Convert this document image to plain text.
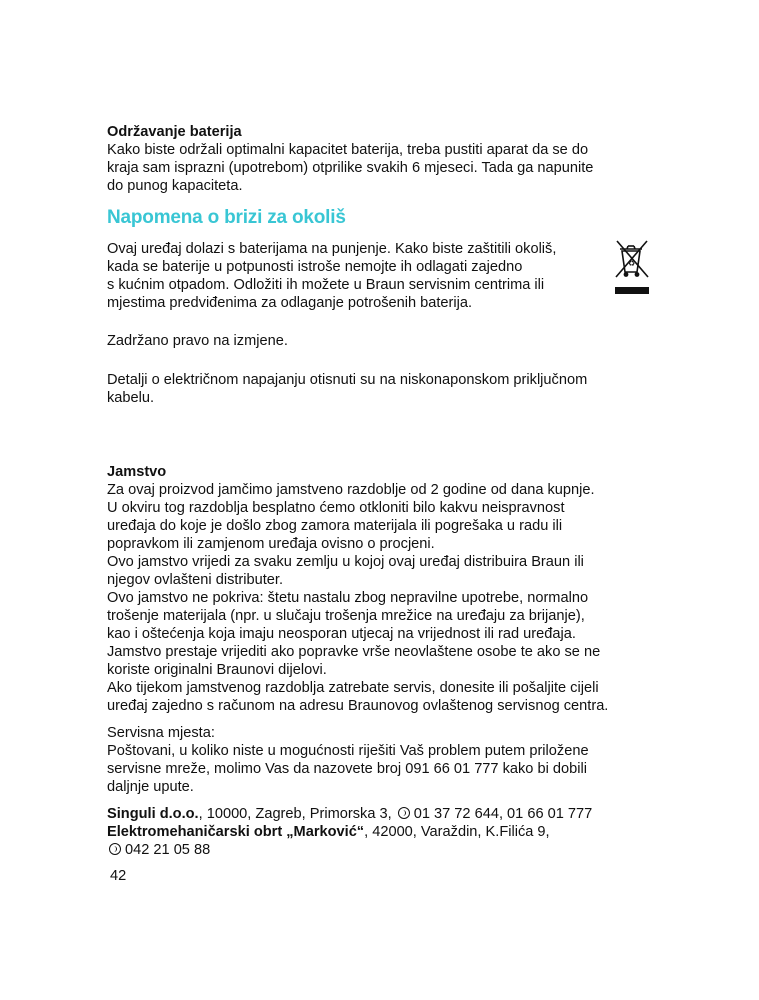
Održavanje baterija

Kako biste održali optimalni kapacitet baterija, treba pustiti aparat da se do

kraja sam isprazni (upotrebom) otprilike svakih 6 mjeseci. Tada ga napunite

do punog kapaciteta.

Napomena o brizi za okoliš

Ovaj uređaj dolazi s baterijama na punjenje. Kako biste zaštitili okoliš,

kada se baterije u potpunosti istroše nemojte ih odlagati zajedno

s kućnim otpadom. Odložiti ih možete u Braun servisnim centrima ili

mjestima predviđenima za odlaganje potrošenih baterija.

♻

Zadržano pravo na izmjene.

Detalji o električnom napajanju otisnuti su na niskonaponskom priključnom

kabelu.

Jamstvo

Za ovaj proizvod jamčimo jamstveno razdoblje od 2 godine od dana kupnje.

U okviru tog razdoblja besplatno ćemo otkloniti bilo kakvu neispravnost

uređaja do koje je došlo zbog zamora materijala ili pogrešaka u radu ili

popravkom ili zamjenom uređaja ovisno o procjeni.

Ovo jamstvo vrijedi za svaku zemlju u kojoj ovaj uređaj distribuira Braun ili

njegov ovlašteni distributer.

Ovo jamstvo ne pokriva: štetu nastalu zbog nepravilne upotrebe, normalno

trošenje materijala (npr. u slučaju trošenja mrežice na uređaju za brijanje),

kao i oštećenja koja imaju neosporan utjecaj na vrijednost ili rad uređaja.

Jamstvo prestaje vrijediti ako popravke vrše neovlaštene osobe te ako se ne

koriste originalni Braunovi dijelovi.

Ako tijekom jamstvenog razdoblja zatrebate servis, donesite ili pošaljite cijeli

uređaj zajedno s računom na adresu Braunovog ovlaštenog servisnog centra.

Servisna mjesta:

Poštovani, u koliko niste u mogućnosti riješiti Vaš problem putem priložene

servisne mreže, molimo Vas da nazovete broj 091 66 01 777 kako bi dobili

daljnje upute.

Singuli d.o.o., 10000, Zagreb, Primorska 3, 01 37 72 644, 01 66 01 777

Elektromehaničarski obrt „Marković“, 42000, Varaždin, K.Filića 9,

042 21 05 88

42
